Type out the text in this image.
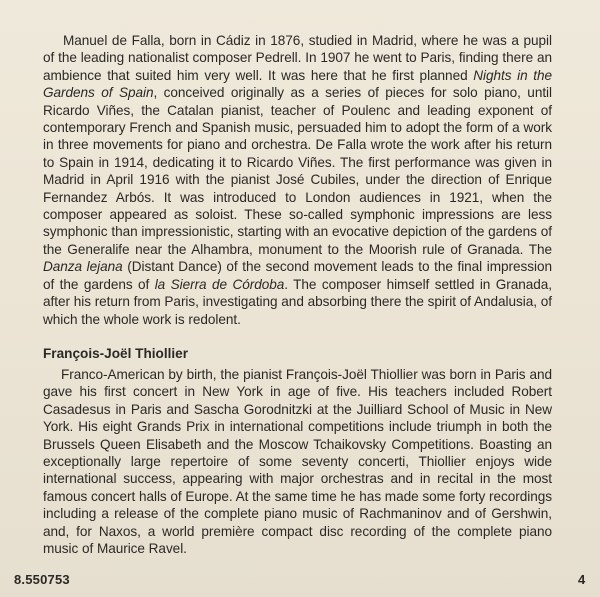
Manuel de Falla, born in Cádiz in 1876, studied in Madrid, where he was a pupil of the leading nationalist composer Pedrell. In 1907 he went to Paris, finding there an ambience that suited him very well. It was here that he first planned Nights in the Gardens of Spain, conceived originally as a series of pieces for solo piano, until Ricardo Viñes, the Catalan pianist, teacher of Poulenc and leading exponent of contemporary French and Spanish music, persuaded him to adopt the form of a work in three movements for piano and orchestra. De Falla wrote the work after his return to Spain in 1914, dedicating it to Ricardo Viñes. The first performance was given in Madrid in April 1916 with the pianist José Cubiles, under the direction of Enrique Fernandez Arbós. It was introduced to London audiences in 1921, when the composer appeared as soloist. These so-called symphonic impressions are less symphonic than impressionistic, starting with an evocative depiction of the gardens of the Generalife near the Alhambra, monument to the Moorish rule of Granada. The Danza lejana (Distant Dance) of the second movement leads to the final impression of the gardens of la Sierra de Córdoba. The composer himself settled in Granada, after his return from Paris, investigating and absorbing there the spirit of Andalusia, of which the whole work is redolent.

François-Joël Thiollier

Franco-American by birth, the pianist François-Joël Thiollier was born in Paris and gave his first concert in New York in age of five. His teachers included Robert Casadesus in Paris and Sascha Gorodnitzki at the Juilliard School of Music in New York. His eight Grands Prix in international competitions include triumph in both the Brussels Queen Elisabeth and the Moscow Tchaikovsky Competitions. Boasting an exceptionally large repertoire of some seventy concerti, Thiollier enjoys wide international success, appearing with major orchestras and in recital in the most famous concert halls of Europe. At the same time he has made some forty recordings including a release of the complete piano music of Rachmaninov and of Gershwin, and, for Naxos, a world première compact disc recording of the complete piano music of Maurice Ravel.

8.550753	4
